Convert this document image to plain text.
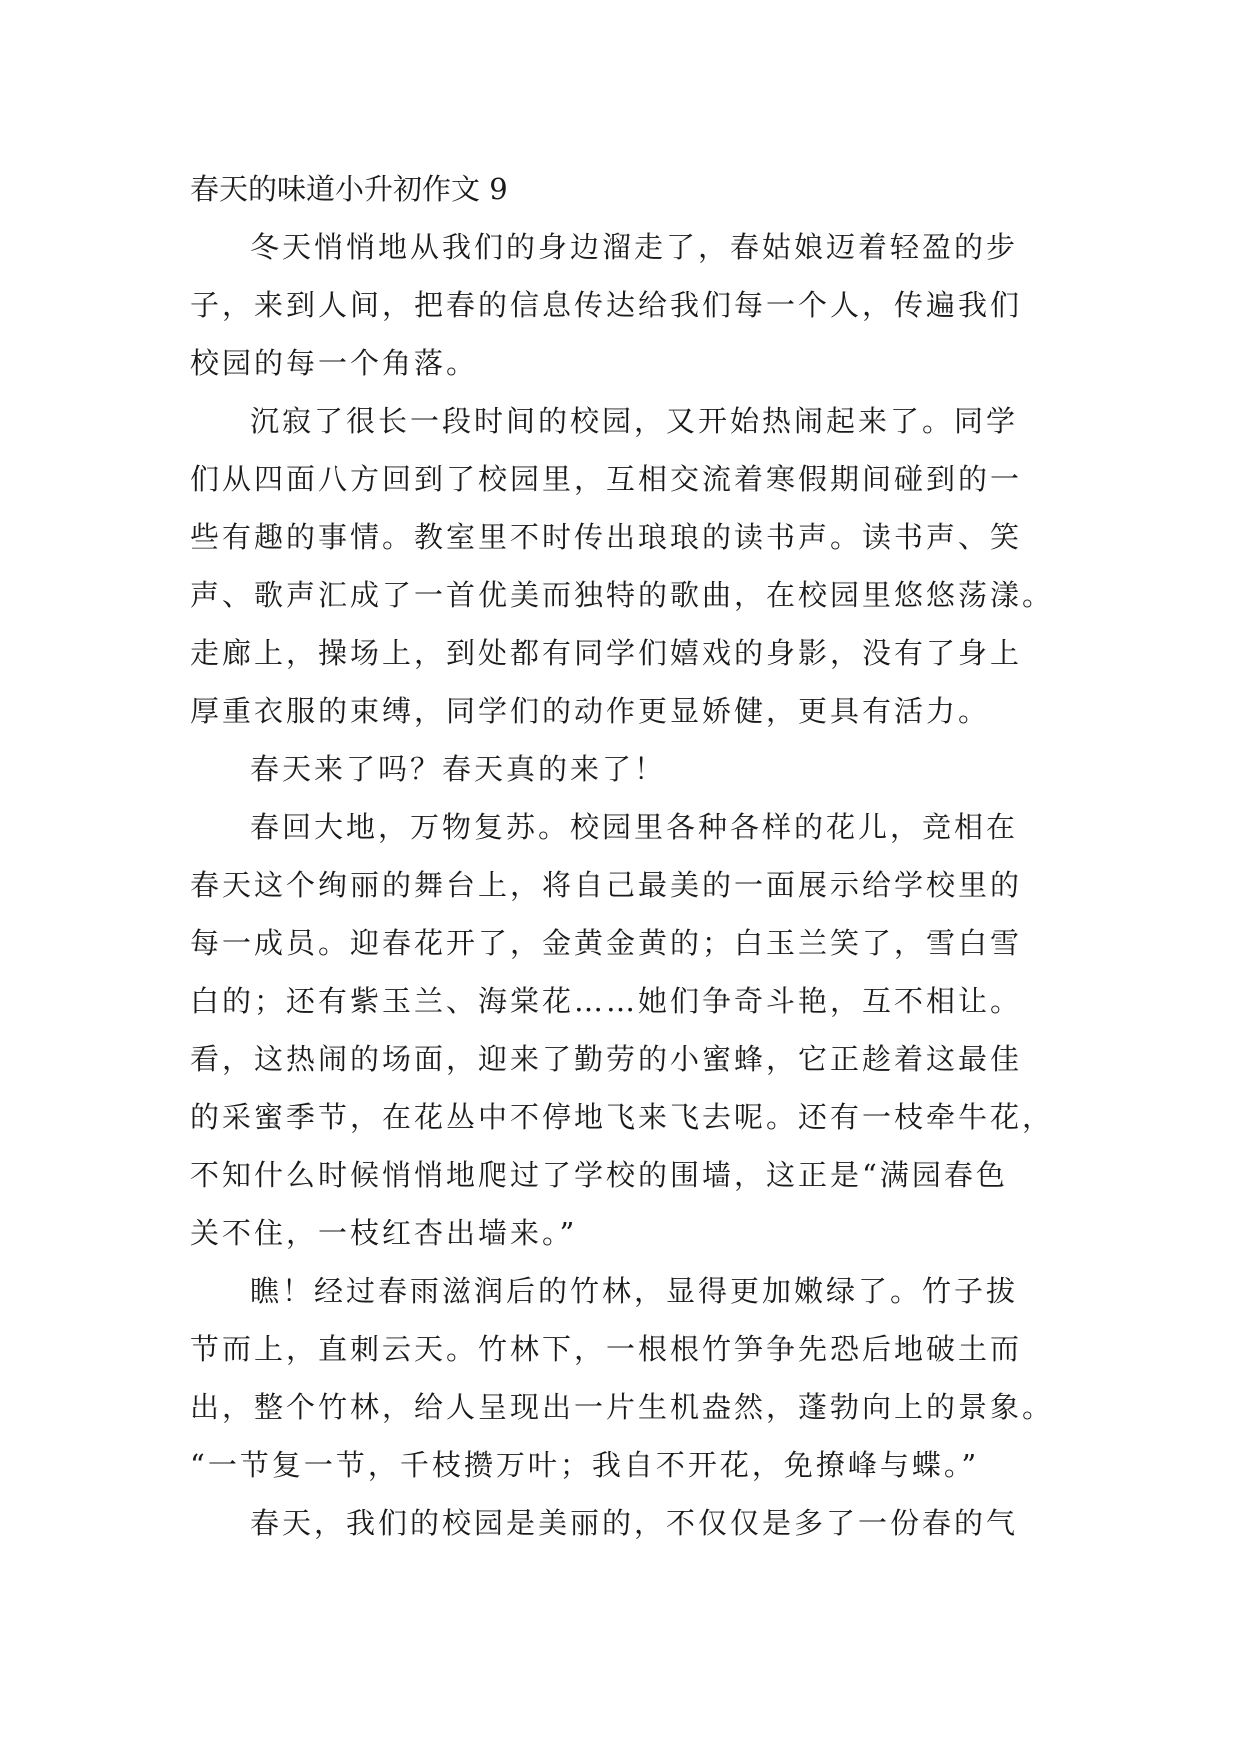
春天的味道小升初作文 9
冬天悄悄地从我们的身边溜走了，春姑娘迈着轻盈的步
子，来到人间，把春的信息传达给我们每一个人，传遍我们
校园的每一个角落。
沉寂了很长一段时间的校园，又开始热闹起来了。同学
们从四面八方回到了校园里，互相交流着寒假期间碰到的一
些有趣的事情。教室里不时传出琅琅的读书声。读书声、笑
声、歌声汇成了一首优美而独特的歌曲，在校园里悠悠荡漾。
走廊上，操场上，到处都有同学们嬉戏的身影，没有了身上
厚重衣服的束缚，同学们的动作更显娇健，更具有活力。
春天来了吗？春天真的来了！
春回大地，万物复苏。校园里各种各样的花儿，竞相在
春天这个绚丽的舞台上，将自己最美的一面展示给学校里的
每一成员。迎春花开了，金黄金黄的；白玉兰笑了，雪白雪
白的；还有紫玉兰、海棠花……她们争奇斗艳，互不相让。
看，这热闹的场面，迎来了勤劳的小蜜蜂，它正趁着这最佳
的采蜜季节，在花丛中不停地飞来飞去呢。还有一枝牵牛花，
不知什么时候悄悄地爬过了学校的围墙，这正是“满园春色
关不住，一枝红杏出墙来。”
瞧！经过春雨滋润后的竹林，显得更加嫩绿了。竹子拔
节而上，直刺云天。竹林下，一根根竹笋争先恐后地破土而
出，整个竹林，给人呈现出一片生机盎然，蓬勃向上的景象。
“一节复一节，千枝攒万叶；我自不开花，免撩峰与蝶。”
春天，我们的校园是美丽的，不仅仅是多了一份春的气
